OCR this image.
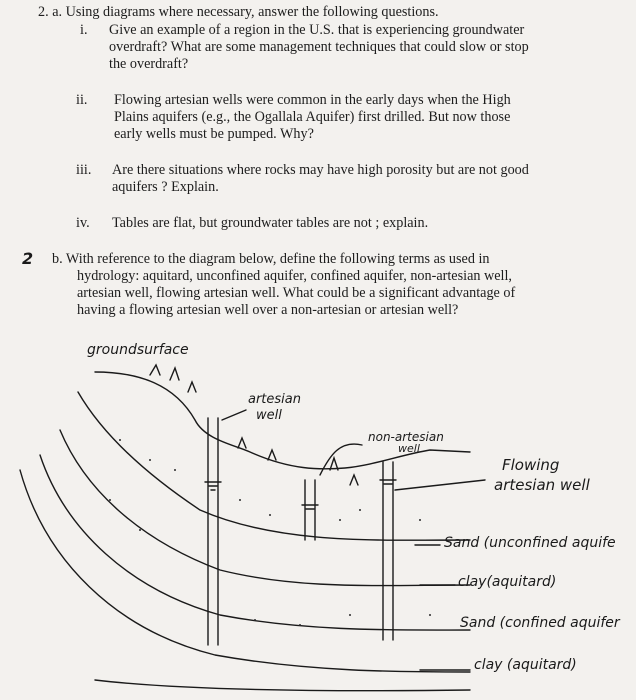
2. a. Using diagrams where necessary, answer the following questions.
i. Give an example of a region in the U.S. that is experiencing groundwater
overdraft? What are some management techniques that could slow or stop
the overdraft?
ii. Flowing artesian wells were common in the early days when the High
Plains aquifers (e.g., the Ogallala Aquifer) first drilled. But now those
early wells must be pumped. Why?
iii. Are there situations where rocks may have high porosity but are not good
aquifers ? Explain.
iv. Tables are flat, but groundwater tables are not ; explain.
2 b. With reference to the diagram below, define the following terms as used in
hydrology: aquitard, unconfined aquifer, confined aquifer, non-artesian well,
artesian well, flowing artesian well. What could be a significant advantage of
having a flowing artesian well over a non-artesian or artesian well?
groundsurface
artesian
well
non-artesian
well
Flowing
artesian well
Sand (unconfined aquife
clay(aquitard)
Sand (confined aquifer
clay (aquitard)
